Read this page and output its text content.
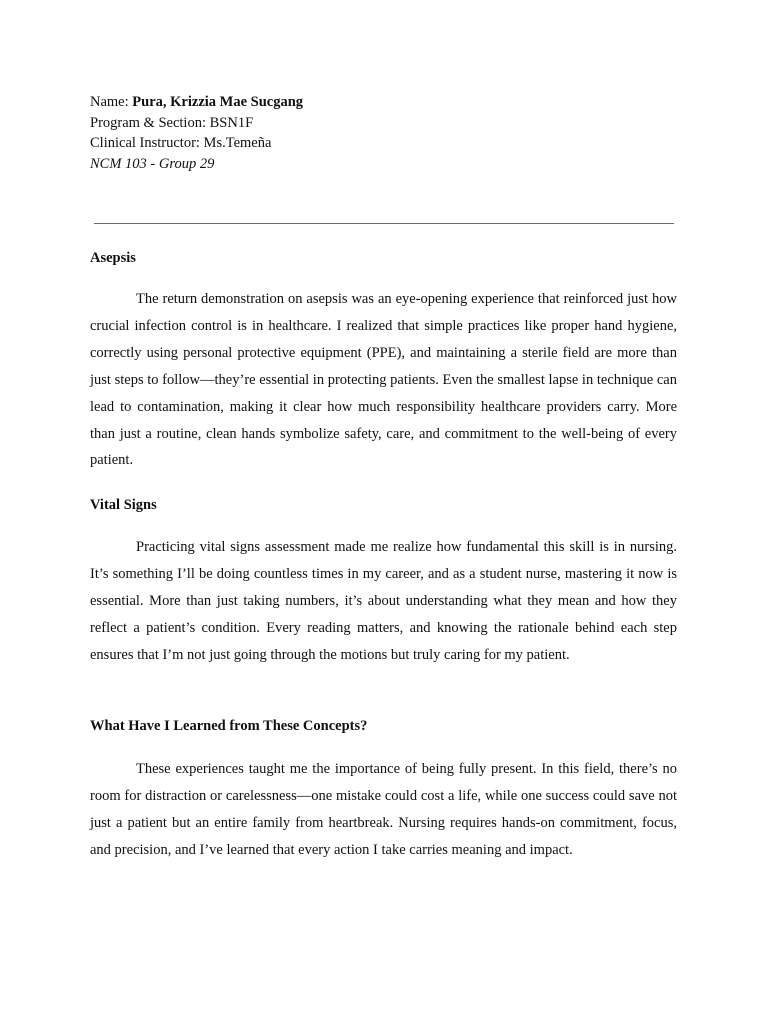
Name: Pura, Krizzia Mae Sucgang
Program & Section: BSN1F
Clinical Instructor: Ms.Temeña
NCM 103 - Group 29
Asepsis

The return demonstration on asepsis was an eye-opening experience that reinforced just how crucial infection control is in healthcare. I realized that simple practices like proper hand hygiene, correctly using personal protective equipment (PPE), and maintaining a sterile field are more than just steps to follow—they’re essential in protecting patients. Even the smallest lapse in technique can lead to contamination, making it clear how much responsibility healthcare providers carry. More than just a routine, clean hands symbolize safety, care, and commitment to the well-being of every patient.

Vital Signs

Practicing vital signs assessment made me realize how fundamental this skill is in nursing. It’s something I’ll be doing countless times in my career, and as a student nurse, mastering it now is essential. More than just taking numbers, it’s about understanding what they mean and how they reflect a patient’s condition. Every reading matters, and knowing the rationale behind each step ensures that I’m not just going through the motions but truly caring for my patient.

What Have I Learned from These Concepts?

These experiences taught me the importance of being fully present. In this field, there’s no room for distraction or carelessness—one mistake could cost a life, while one success could save not just a patient but an entire family from heartbreak. Nursing requires hands-on commitment, focus, and precision, and I’ve learned that every action I take carries meaning and impact.
